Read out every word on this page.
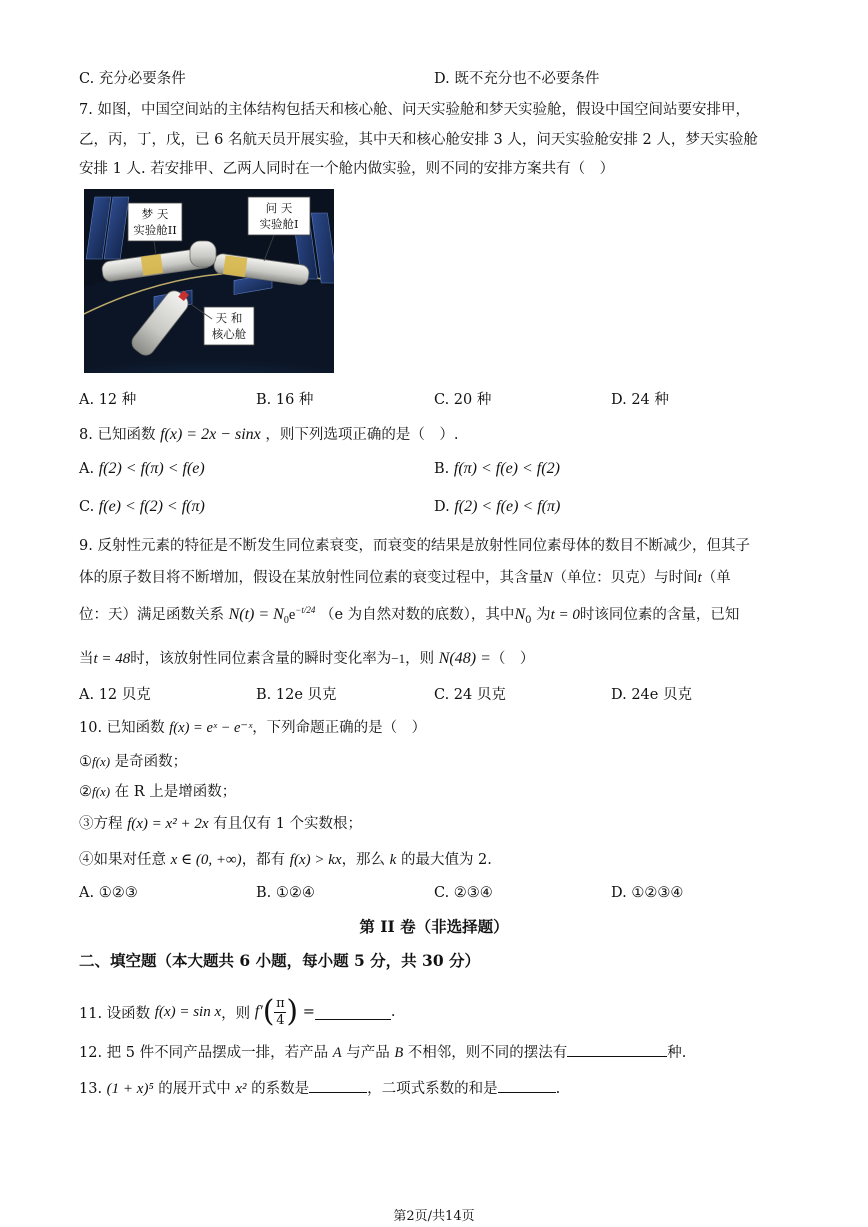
C. 充分必要条件	D. 既不充分也不必要条件
7. 如图，中国空间站的主体结构包括天和核心舱、问天实验舱和梦天实验舱，假设中国空间站要安排甲，
乙，丙，丁，戊，已 6 名航天员开展实验，其中天和核心舱安排 3 人，问天实验舱安排 2 人，梦天实验舱
安排 1 人. 若安排甲、乙两人同时在一个舱内做实验，则不同的安排方案共有（　）
梦 天
实验舱II
问 天
实验舱I
天 和
核心舱
A. 12 种	B. 16 种	C. 20 种	D. 24 种
8. 已知函数 f(x) = 2x − sinx ，则下列选项正确的是（　）.
A. f(2) < f(π) < f(e)	B. f(π) < f(e) < f(2)
C. f(e) < f(2) < f(π)	D. f(2) < f(e) < f(π)
9. 反射性元素的特征是不断发生同位素衰变，而衰变的结果是放射性同位素母体的数目不断减少，但其子
体的原子数目将不断增加，假设在某放射性同位素的衰变过程中，其含量N（单位：贝克）与时间t（单
位：天）满足函数关系 $N(t) = N_0e^{-t/24}$ （e 为自然对数的底数），其中$N_0$ 为t = 0时该同位素的含量，已知
当t = 48时，该放射性同位素含量的瞬时变化率为−1，则 N(48) =（　）
A. 12 贝克	B. 12e 贝克	C. 24 贝克	D. 24e 贝克
10. 已知函数 f(x) = eˣ − e⁻ˣ，下列命题正确的是（　）
①f(x) 是奇函数；
②f(x) 在 R 上是增函数；
③方程 f(x) = x² + 2x 有且仅有 1 个实数根；
④如果对任意 x ∈ (0, +∞)，都有 f(x) > kx，那么 k 的最大值为 2.
A. ①②③	B. ①②④	C. ②③④	D. ①②③④
第 II 卷（非选择题）
二、填空题（本大题共 6 小题，每小题 5 分，共 30 分）
11. 设函数
f(x) = sin x ，则
f′ ( π
4 )
=	.
12. 把 5 件不同产品摆成一排，若产品 A 与产品 B 不相邻，则不同的摆法有	种.
13. (1 + x)⁵ 的展开式中 x² 的系数是	，二项式系数的和是	.
第2页/共14页
